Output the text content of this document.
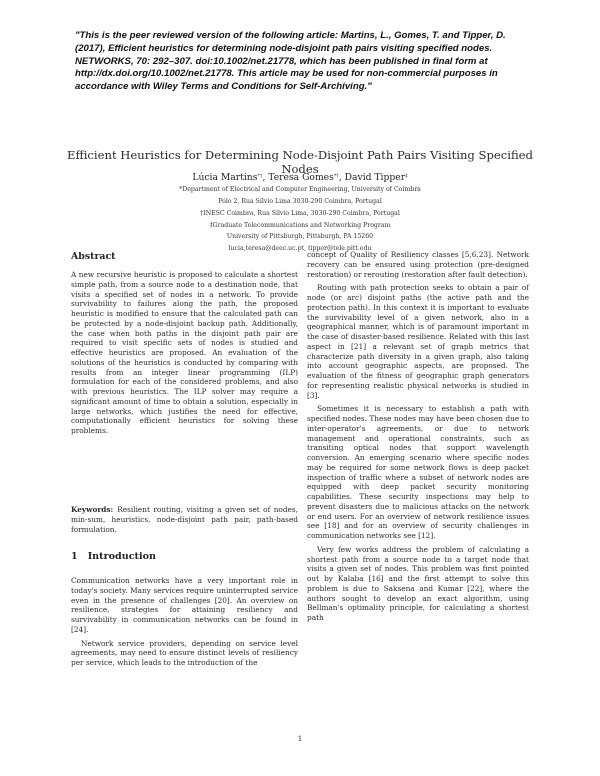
"This is the peer reviewed version of the following article: Martins, L., Gomes, T. and Tipper, D. (2017), Efficient heuristics for determining node-disjoint path pairs visiting specified nodes. NETWORKS, 70: 292–307. doi:10.1002/net.21778, which has been published in final form at http://dx.doi.org/10.1002/net.21778. This article may be used for non-commercial purposes in accordance with Wiley Terms and Conditions for Self-Archiving."
Efficient Heuristics for Determining Node-Disjoint Path Pairs Visiting Specified Nodes
Lúcia Martins*†, Teresa Gomes*†, David Tipper‡
*Department of Electrical and Computer Engineering, University of Coimbra
Pólo 2, Rua Sílvio Lima 3030-290 Coimbra, Portugal
†INESC Coimbra, Rua Sílvio Lima, 3030-290 Coimbra, Portugal
‡Graduate Telecommunications and Networking Program
University of Pittsburgh, Pittsburgh, PA 15260
lucia,teresa@deec.uc.pt, tipper@tele.pitt.edu
Abstract

A new recursive heuristic is proposed to calculate a shortest simple path, from a source node to a destination node, that visits a specified set of nodes in a network. To provide survivability to failures along the path, the proposed heuristic is modified to ensure that the calculated path can be protected by a node-disjoint backup path. Additionally, the case when both paths in the disjoint path pair are required to visit specific sets of nodes is studied and effective heuristics are proposed. An evaluation of the solutions of the heuristics is conducted by comparing with results from an integer linear programming (ILP) formulation for each of the considered problems, and also with previous heuristics. The ILP solver may require a significant amount of time to obtain a solution, especially in large networks, which justifies the need for effective, computationally efficient heuristics for solving these problems.

Keywords: Resilient routing, visiting a given set of nodes, min-sum, heuristics, node-disjoint path pair, path-based formulation.
1 Introduction

Communication networks have a very important role in today's society. Many services require uninterrupted service even in the presence of challenges [20]. An overview on resilience, strategies for attaining resiliency and survivability in communication networks can be found in [24].

Network service providers, depending on service level agreements, may need to ensure distinct levels of resiliency per service, which leads to the introduction of the

concept of Quality of Resiliency classes [5,6,23]. Network recovery can be ensured using protection (pre-designed restoration) or rerouting (restoration after fault detection).

Routing with path protection seeks to obtain a pair of node (or arc) disjoint paths (the active path and the protection path). In this context it is important to evaluate the survivability level of a given network, also in a geographical manner, which is of paramount important in the case of disaster-based resilience. Related with this last aspect in [21] a relevant set of graph metrics that characterize path diversity in a given graph, also taking into account geographic aspects, are proposed. The evaluation of the fitness of geographic graph generators for representing realistic physical networks is studied in [3].

Sometimes it is necessary to establish a path with specified nodes. These nodes may have been chosen due to inter-operator's agreements, or due to network management and operational constraints, such as transiting optical nodes that support wavelength conversion. An emerging scenario where specific nodes may be required for some network flows is deep packet inspection of traffic where a subset of network nodes are equipped with deep packet security monitoring capabilities. These security inspections may help to prevent disasters due to malicious attacks on the network or end users. For an overview of network resilience issues see [18] and for an overview of security challenges in communication networks see [12].

Very few works address the problem of calculating a shortest path from a source node to a target node that visits a given set of nodes. This problem was first pointed out by Kalaba [16] and the first attempt to solve this problem is due to Saksena and Kumar [22], where the authors sought to develop an exact algorithm, using Bellman's optimality principle, for calculating a shortest path

1
